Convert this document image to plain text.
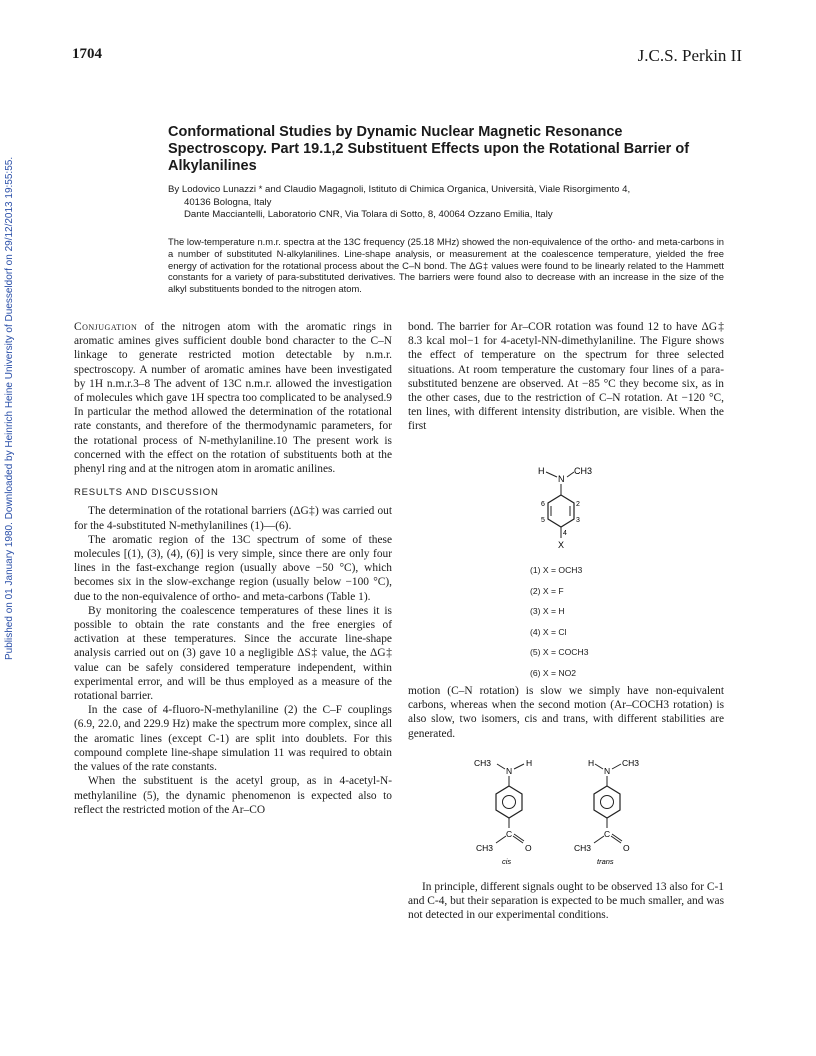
Published on 01 January 1980. Downloaded by Heinrich Heine University of Duesseldorf on 29/12/2013 19:55:55.
1704	J.C.S. Perkin II
Conformational Studies by Dynamic Nuclear Magnetic Resonance Spectroscopy. Part 19.1,2 Substituent Effects upon the Rotational Barrier of Alkylanilines

By Lodovico Lunazzi * and Claudio Magagnoli, Istituto di Chimica Organica, Università, Viale Risorgimento 4,

40136 Bologna, Italy

Dante Macciantelli, Laboratorio CNR, Via Tolara di Sotto, 8, 40064 Ozzano Emilia, Italy

The low-temperature n.m.r. spectra at the 13C frequency (25.18 MHz) showed the non-equivalence of the ortho- and meta-carbons in a number of substituted N-alkylanilines. Line-shape analysis, or measurement at the coalescence temperature, yielded the free energy of activation for the rotational process about the C–N bond. The ΔG‡ values were found to be linearly related to the Hammett constants for a variety of para-substituted derivatives. The barriers were found also to decrease with an increase in the size of the alkyl substituents bonded to the nitrogen atom.

Conjugation of the nitrogen atom with the aromatic rings in aromatic amines gives sufficient double bond character to the C–N linkage to generate restricted motion detectable by n.m.r. spectroscopy. A number of aromatic amines have been investigated by 1H n.m.r.3–8 The advent of 13C n.m.r. allowed the investigation of molecules which gave 1H spectra too complicated to be analysed.9 In particular the method allowed the determination of the rotational rate constants, and therefore of the thermodynamic parameters, for the rotational process of N-methylaniline.10 The present work is concerned with the effect on the rotation of substituents both at the phenyl ring and at the nitrogen atom in aromatic anilines.

RESULTS AND DISCUSSION

The determination of the rotational barriers (ΔG‡) was carried out for the 4-substituted N-methylanilines (1)—(6).

The aromatic region of the 13C spectrum of some of these molecules [(1), (3), (4), (6)] is very simple, since there are only four lines in the fast-exchange region (usually above −50 °C), which becomes six in the slow-exchange region (usually below −100 °C), due to the non-equivalence of ortho- and meta-carbons (Table 1).

By monitoring the coalescence temperatures of these lines it is possible to obtain the rate constants and the free energies of activation at these temperatures. Since the accurate line-shape analysis carried out on (3) gave 10 a negligible ΔS‡ value, the ΔG‡ value can be safely considered temperature independent, within experimental error, and will be thus employed as a measure of the rotational barrier.

In the case of 4-fluoro-N-methylaniline (2) the C–F couplings (6.9, 22.0, and 229.9 Hz) make the spectrum more complex, since all the aromatic lines (except C-1) are split into doublets. For this compound complete line-shape simulation 11 was required to obtain the values of the rate constants.

When the substituent is the acetyl group, as in 4-acetyl-N-methylaniline (5), the dynamic phenomenon is expected also to reflect the restricted motion of the Ar–CO

bond. The barrier for Ar–COR rotation was found 12 to have ΔG‡ 8.3 kcal mol−1 for 4-acetyl-NN-dimethylaniline. The Figure shows the effect of temperature on the spectrum for three selected situations. At room temperature the customary four lines of a para-substituted benzene are observed. At −85 °C they become six, as in the other cases, due to the restriction of C–N rotation. At −120 °C, ten lines, with different intensity distribution, are visible. When the first

H
N
CH3
X
2
3
4
5
6
(1) X = OCH3
(2) X = F
(3) X = H
(4) X = Cl
(5) X = COCH3
(6) X = NO2

motion (C–N rotation) is slow we simply have non-equivalent carbons, whereas when the second motion (Ar–COCH3 rotation) is also slow, two isomers, cis and trans, with different stabilities are generated.

CH3
N
H
C
CH3	O
cis
H
N
CH3
C
CH3	O
trans

In principle, different signals ought to be observed 13 also for C-1 and C-4, but their separation is expected to be much smaller, and was not detected in our experimental conditions.
